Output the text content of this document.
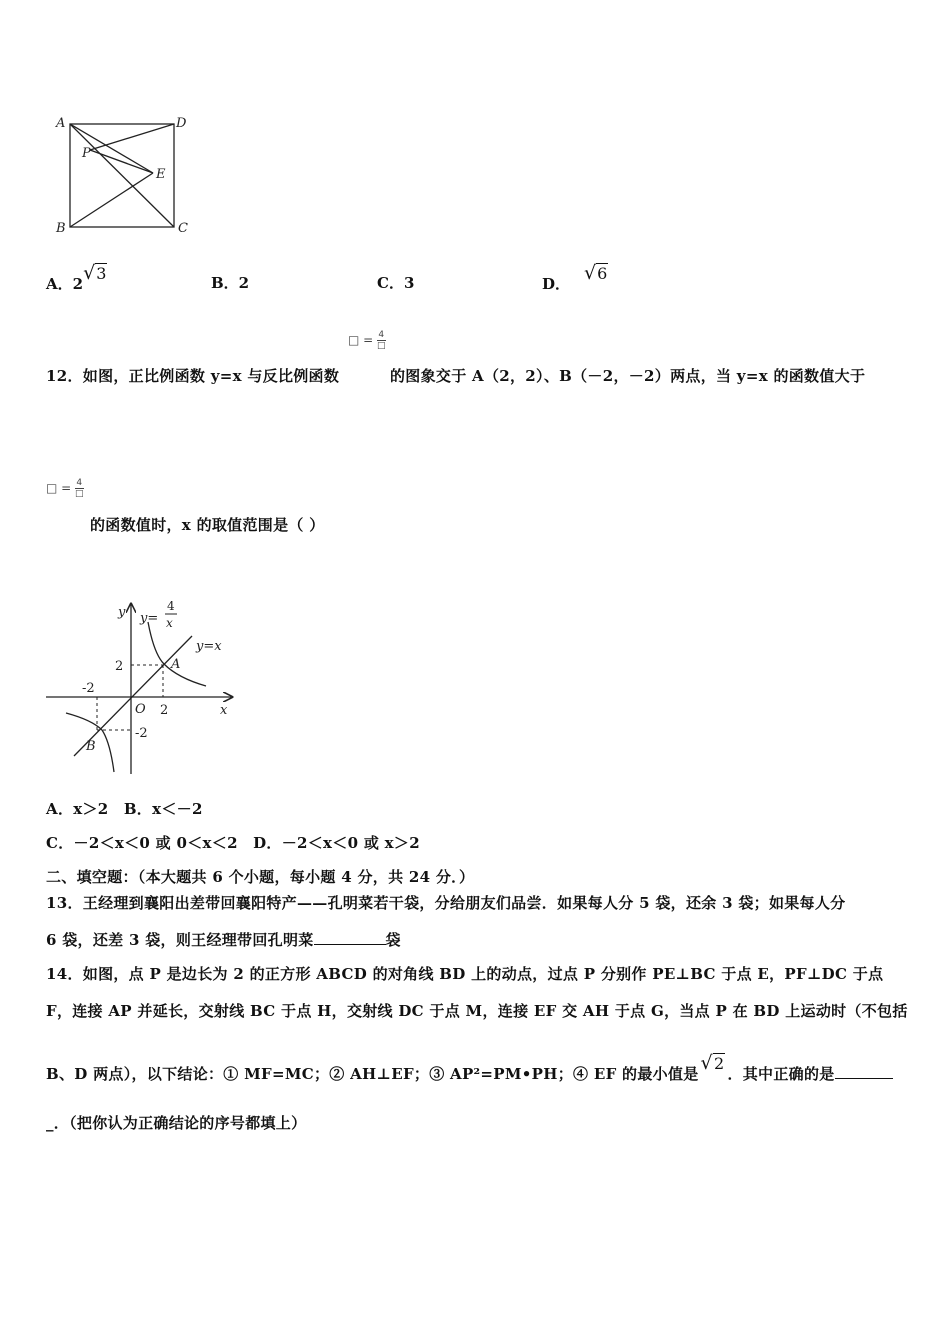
A	D
P
E
B	C
A．2√3	B．2	C．3	D． √6
□ = 4
□
12．如图，正比例函数 y=x 与反比例函数	的图象交于 A（2，2）、B（－2，－2）两点，当 y=x 的函数值大于
□ = 4
□
的函数值时，x 的取值范围是（ ）
y
x
O
y=
4
x
y=x
2
-2
2
-2
A
B
A．x＞2　B．x＜－2
C．－2＜x＜0 或 0＜x＜2　D．－2＜x＜0 或 x＞2
二、填空题：（本大题共 6 个小题，每小题 4 分，共 24 分．）
13．王经理到襄阳出差带回襄阳特产——孔明菜若干袋，分给朋友们品尝．如果每人分 5 袋，还余 3 袋；如果每人分
6 袋，还差 3 袋，则王经理带回孔明菜	袋
14．如图，点 P 是边长为 2 的正方形 ABCD 的对角线 BD 上的动点，过点 P 分别作 PE⊥BC 于点 E，PF⊥DC 于点
F，连接 AP 并延长，交射线 BC 于点 H，交射线 DC 于点 M，连接 EF 交 AH 于点 G，当点 P 在 BD 上运动时（不包括
B、D 两点），以下结论：① MF=MC；② AH⊥EF；③ AP²=PM•PH；④ EF 的最小值是 √2．其中正确的是
_．（把你认为正确结论的序号都填上）
